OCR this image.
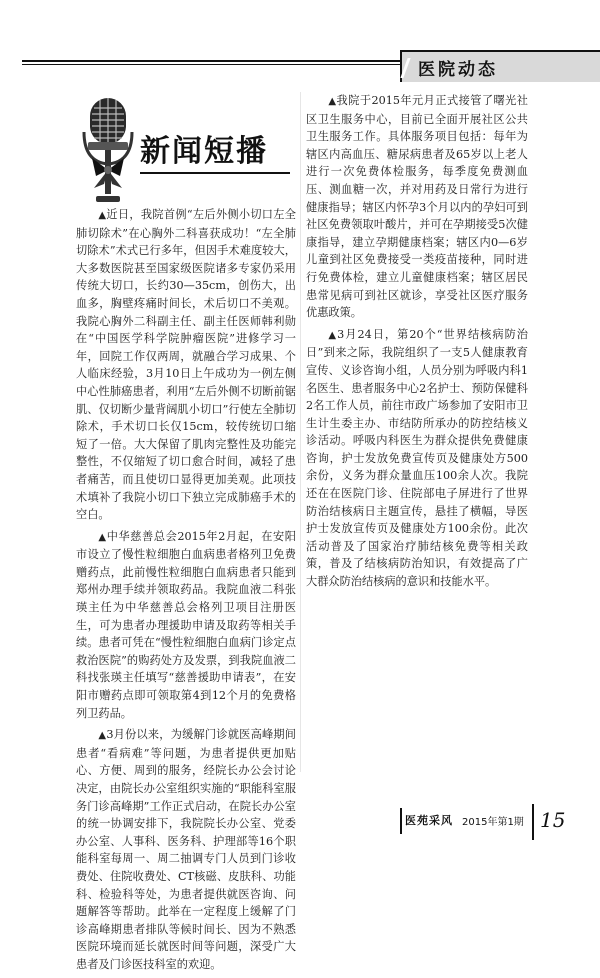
医院动态
新闻短播

▲近日，我院首例“左后外侧小切口左全肺切除术”在心胸外二科喜获成功！“左全肺切除术”术式已行多年，但因手术难度较大，大多数医院甚至国家级医院诸多专家仍采用传统大切口，长约30—35cm，创伤大，出血多，胸壁疼痛时间长，术后切口不美观。我院心胸外二科副主任、副主任医师韩利勋在“中国医学科学院肿瘤医院”进修学习一年，回院工作仅两周，就融合学习成果、个人临床经验，3月10日上午成功为一例左侧中心性肺癌患者，利用“左后外侧不切断前锯肌、仅切断少量背阔肌小切口”行使左全肺切除术，手术切口长仅15cm，较传统切口缩短了一倍。大大保留了肌肉完整性及功能完整性，不仅缩短了切口愈合时间，减轻了患者痛苦，而且使切口显得更加美观。此项技术填补了我院小切口下独立完成肺癌手术的空白。

▲中华慈善总会2015年2月起，在安阳市设立了慢性粒细胞白血病患者格列卫免费赠药点，此前慢性粒细胞白血病患者只能到郑州办理手续并领取药品。我院血液二科张瑛主任为中华慈善总会格列卫项目注册医生，可为患者办理援助申请及取药等相关手续。患者可凭在“慢性粒细胞白血病门诊定点救治医院”的购药处方及发票，到我院血液二科找张瑛主任填写“慈善援助申请表”，在安阳市赠药点即可领取第4到12个月的免费格列卫药品。

▲3月份以来，为缓解门诊就医高峰期间患者“看病难”等问题，为患者提供更加贴心、方便、周到的服务，经院长办公会讨论决定，由院长办公室组织实施的“职能科室服务门诊高峰期”工作正式启动，在院长办公室的统一协调安排下，我院院长办公室、党委办公室、人事科、医务科、护理部等16个职能科室每周一、周二抽调专门人员到门诊收费处、住院收费处、CT核磁、皮肤科、功能科、检验科等处，为患者提供就医咨询、问题解答等帮助。此举在一定程度上缓解了门诊高峰期患者排队等候时间长、因为不熟悉医院环境而延长就医时间等问题，深受广大患者及门诊医技科室的欢迎。

▲我院于2015年元月正式接管了曙光社区卫生服务中心，目前已全面开展社区公共卫生服务工作。具体服务项目包括：每年为辖区内高血压、糖尿病患者及65岁以上老人进行一次免费体检服务，每季度免费测血压、测血糖一次，并对用药及日常行为进行健康指导；辖区内怀孕3个月以内的孕妇可到社区免费领取叶酸片，并可在孕期接受5次健康指导，建立孕期健康档案；辖区内0—6岁儿童到社区免费接受一类疫苗接种，同时进行免费体检，建立儿童健康档案；辖区居民患常见病可到社区就诊，享受社区医疗服务优惠政策。

▲3月24日，第20个“世界结核病防治日”到来之际，我院组织了一支5人健康教育宣传、义诊咨询小组，人员分别为呼吸内科1名医生、患者服务中心2名护士、预防保健科2名工作人员，前往市政广场参加了安阳市卫生计生委主办、市结防所承办的防控结核义诊活动。呼吸内科医生为群众提供免费健康咨询，护士发放免费宣传页及健康处方500余份，义务为群众量血压100余人次。我院还在在医院门诊、住院部电子屏进行了世界防治结核病日主题宣传，悬挂了横幅，导医护士发放宣传页及健康处方100余份。此次活动普及了国家治疗肺结核免费等相关政策，普及了结核病防治知识，有效提高了广大群众防治结核病的意识和技能水平。

医苑采风 2015年第1期 15
